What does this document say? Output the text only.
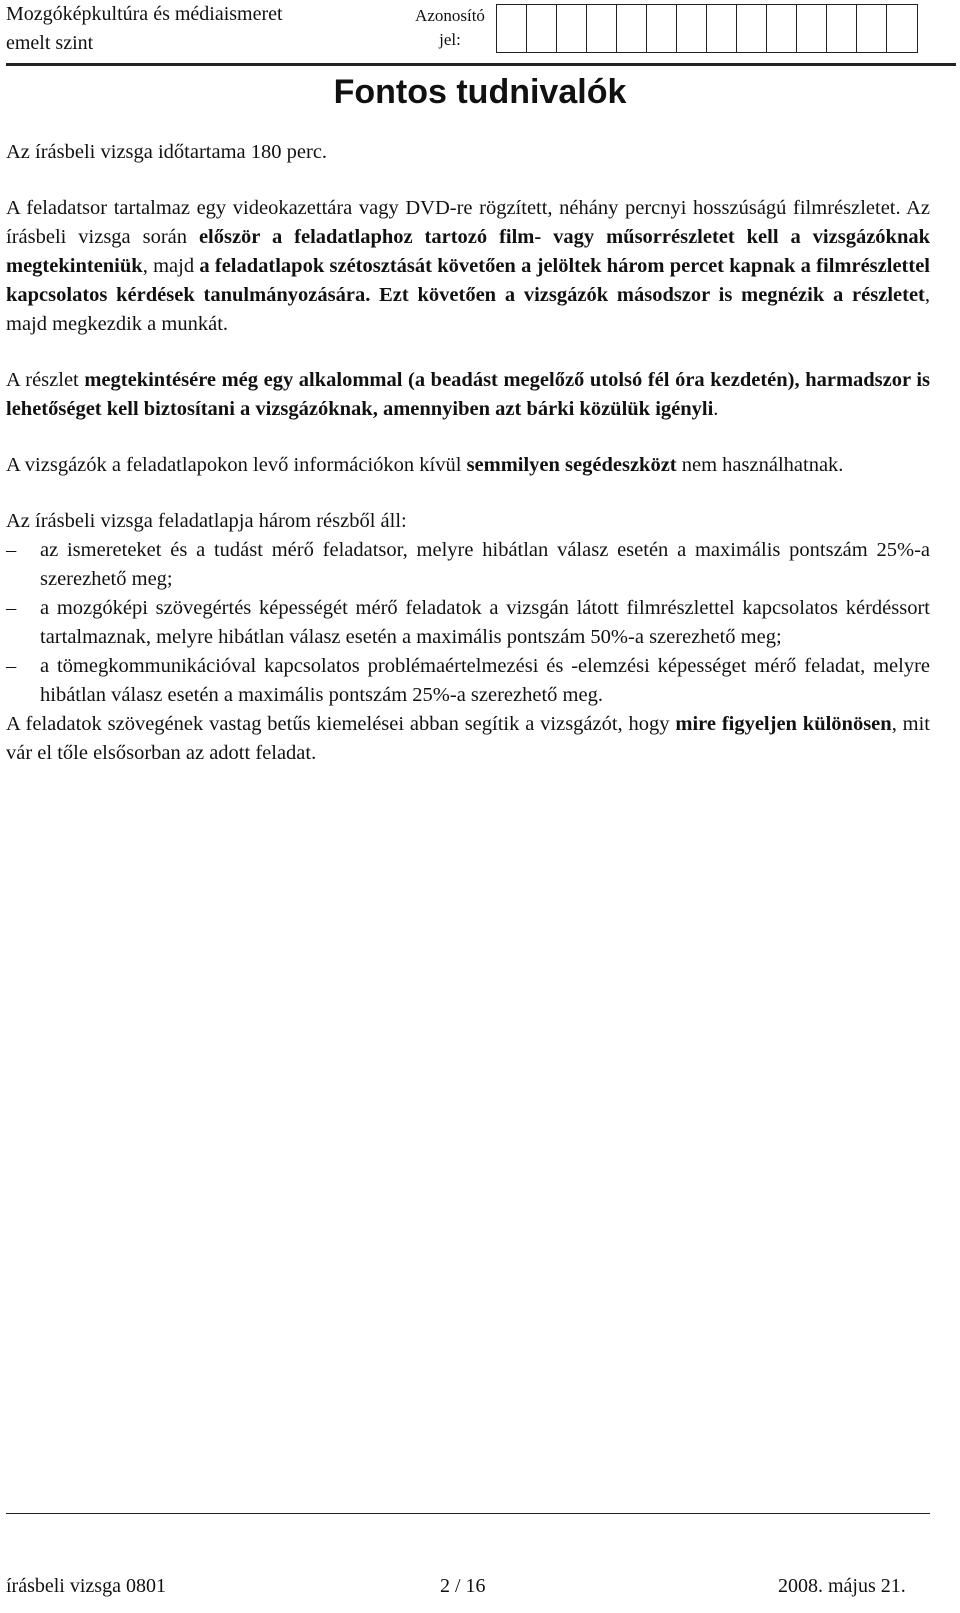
Mozgóképkultúra és médiaismeret
emelt szint
Azonosító
jel:
Fontos tudnivalók

Az írásbeli vizsga időtartama 180 perc.

A feladatsor tartalmaz egy videokazettára vagy DVD-re rögzített, néhány percnyi hosszúságú filmrészletet. Az írásbeli vizsga során először a feladatlaphoz tartozó film- vagy műsorrészletet kell a vizsgázóknak megtekinteniük, majd a feladatlapok szétosztását követően a jelöltek három percet kapnak a filmrészlettel kapcsolatos kérdések tanulmányozására. Ezt követően a vizsgázók másodszor is megnézik a részletet, majd megkezdik a munkát.

A részlet megtekintésére még egy alkalommal (a beadást megelőző utolsó fél óra kezdetén), harmadszor is lehetőséget kell biztosítani a vizsgázóknak, amennyiben azt bárki közülük igényli.

A vizsgázók a feladatlapokon levő információkon kívül semmilyen segédeszközt nem használhatnak.

Az írásbeli vizsga feladatlapja három részből áll:

– az ismereteket és a tudást mérő feladatsor, melyre hibátlan válasz esetén a maximális pontszám 25%-a szerezhető meg;
– a mozgóképi szövegértés képességét mérő feladatok a vizsgán látott filmrészlettel kapcsolatos kérdéssort tartalmaznak, melyre hibátlan válasz esetén a maximális pontszám 50%-a szerezhető meg;
– a tömegkommunikációval kapcsolatos problémaértelmezési és -elemzési képességet mérő feladat, melyre hibátlan válasz esetén a maximális pontszám 25%-a szerezhető meg.

A feladatok szövegének vastag betűs kiemelései abban segítik a vizsgázót, hogy mire figyeljen különösen, mit vár el tőle elsősorban az adott feladat.

írásbeli vizsga 0801	2 / 16	2008. május 21.
